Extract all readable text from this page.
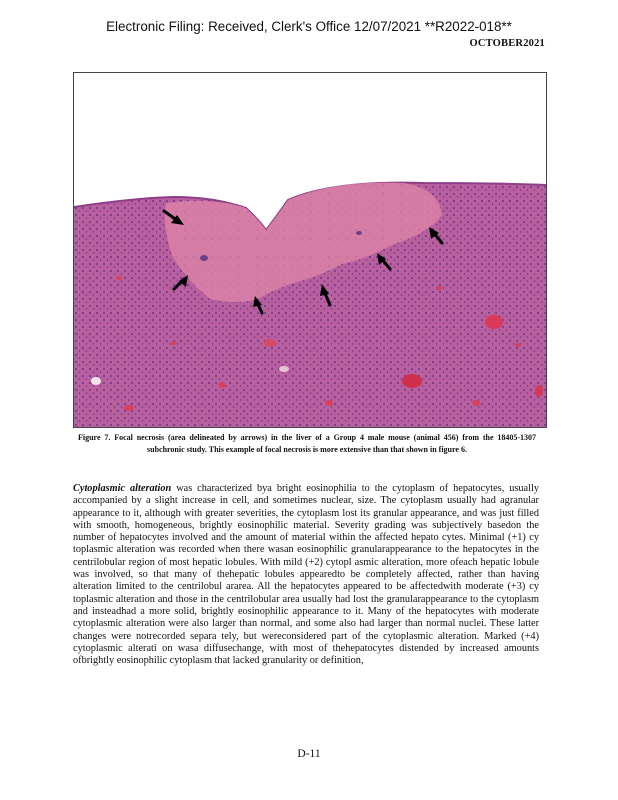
Electronic Filing: Received, Clerk's Office 12/07/2021 **R2022-018**
OCTOBER2021
Figure 7. Focal necrosis (area delineated by arrows) in the liver of a Group 4 male mouse (animal 456) from the 18405-1307 subchronic study. This example of focal necrosis is more extensive than that shown in figure 6.
Cytoplasmic alteration was characterized bya bright eosinophilia to the cytoplasm of hepatocytes, usually accompanied by a slight increase in cell, and sometimes nuclear, size. The cytoplasm usually had agranular appearance to it, although with greater severities, the cytoplasm lost its granular appearance, and was just filled with smooth, homogeneous, brightly eosinophilic material. Severity grading was subjectively basedon the number of hepatocytes involved and the amount of material within the affected hepato cytes. Minimal (+1) cy toplasmic alteration was recorded when there wasan eosinophilic granularappearance to the hepatocytes in the centrilobular region of most hepatic lobules. With mild (+2) cytopl asmic alteration, more ofeach hepatic lobule was involved, so that many of thehepatic lobules appearedto be completely affected, rather than having alteration limited to the centrilobul ararea. All the hepatocytes appeared to be affectedwith moderate (+3) cy toplasmic alteration and those in the centrilobular area usually had lost the granularappearance to the cytoplasm and insteadhad a more solid, brightly eosinophilic appearance to it. Many of the hepatocytes with moderate cytoplasmic alteration were also larger than normal, and some also had larger than normal nuclei. These latter changes were notrecorded separa tely, but wereconsidered part of the cytoplasmic alteration. Marked (+4) cytoplasmic alterati on wasa diffusechange, with most of thehepatocytes distended by increased amounts ofbrightly eosinophilic cytoplasm that lacked granularity or definition,
D-11
